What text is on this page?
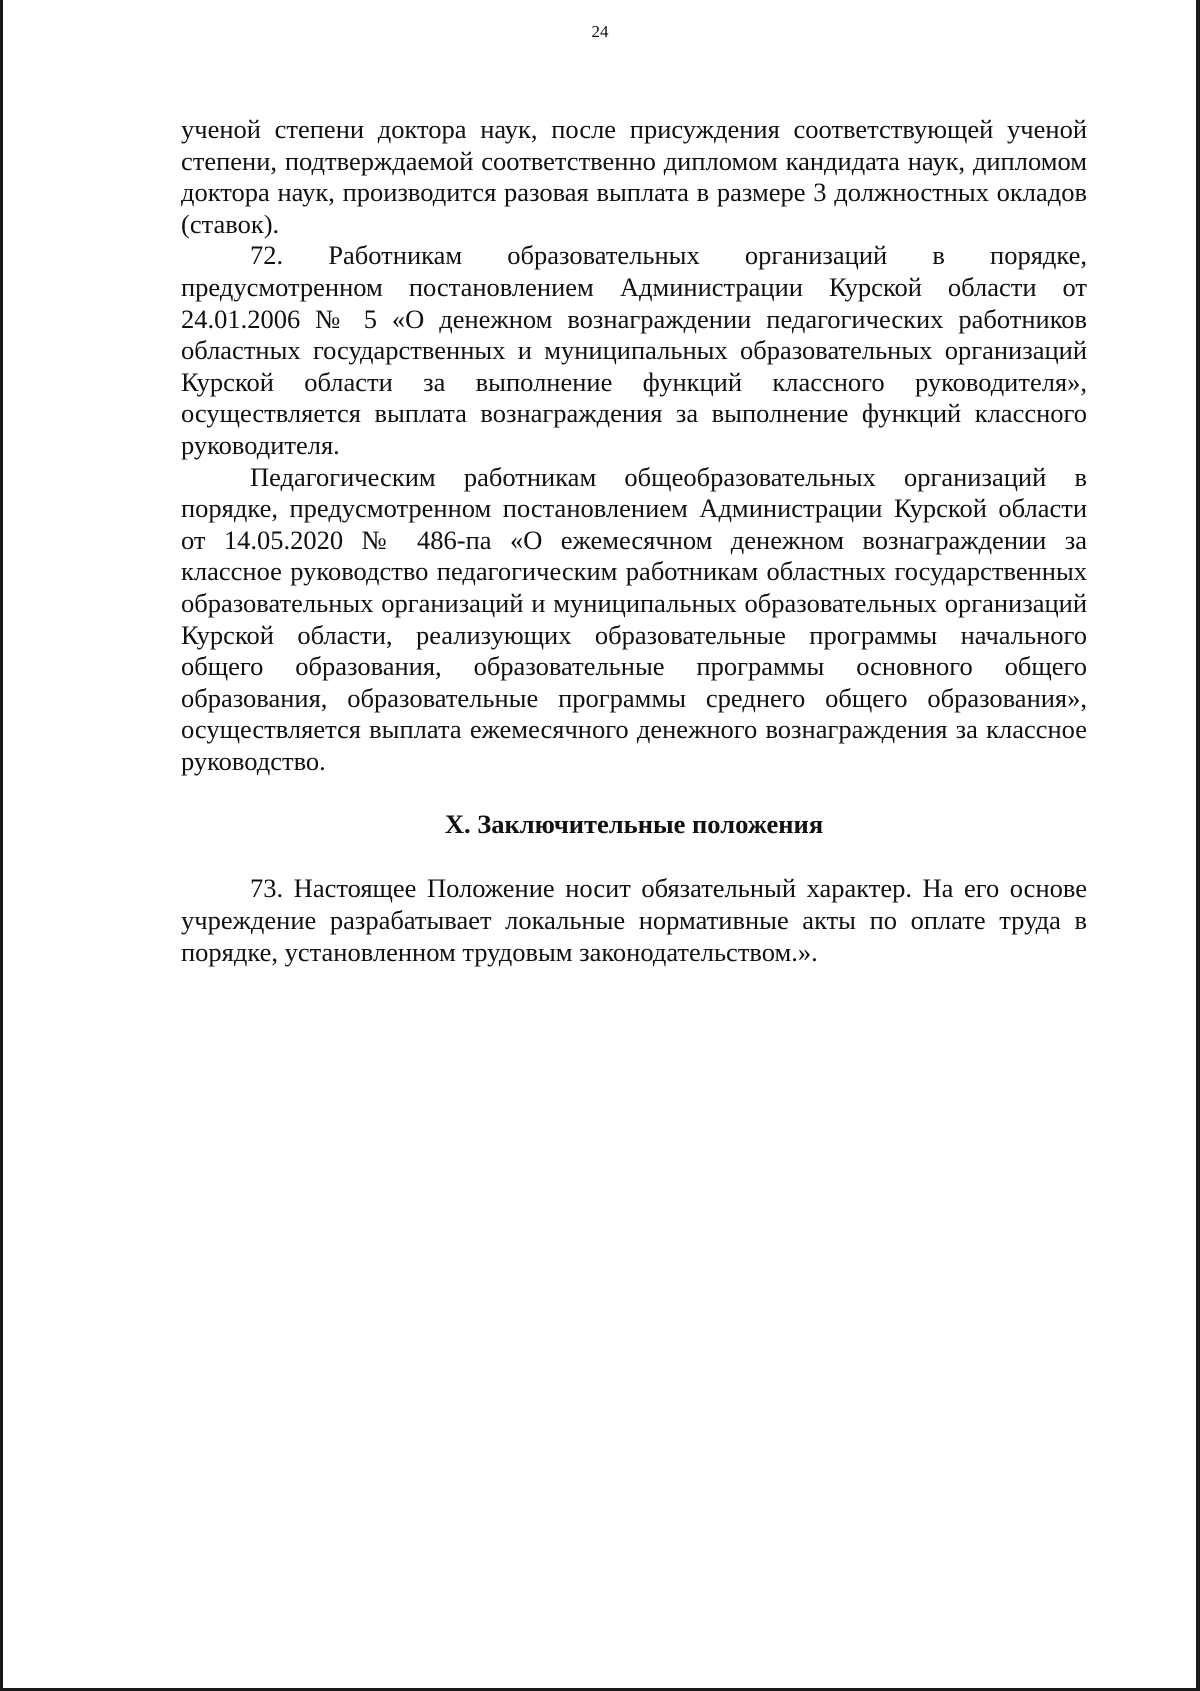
24

ученой степени доктора наук, после присуждения соответствующей ученой степени, подтверждаемой соответственно дипломом кандидата наук, дипломом доктора наук, производится разовая выплата в размере 3 должностных окладов (ставок).

72. Работникам образовательных организаций в порядке, предусмотренном постановлением Администрации Курской области от 24.01.2006 № 5 «О денежном вознаграждении педагогических работников областных государственных и муниципальных образовательных организаций Курской области за выполнение функций классного руководителя», осуществляется выплата вознаграждения за выполнение функций классного руководителя.

Педагогическим работникам общеобразовательных организаций в порядке, предусмотренном постановлением Администрации Курской области от 14.05.2020 № 486-па «О ежемесячном денежном вознаграждении за классное руководство педагогическим работникам областных государственных образовательных организаций и муниципальных образовательных организаций Курской области, реализующих образовательные программы начального общего образования, образовательные программы основного общего образования, образовательные программы среднего общего образования», осуществляется выплата ежемесячного денежного вознаграждения за классное руководство.

X. Заключительные положения

73. Настоящее Положение носит обязательный характер. На его основе учреждение разрабатывает локальные нормативные акты по оплате труда в порядке, установленном трудовым законодательством.».
